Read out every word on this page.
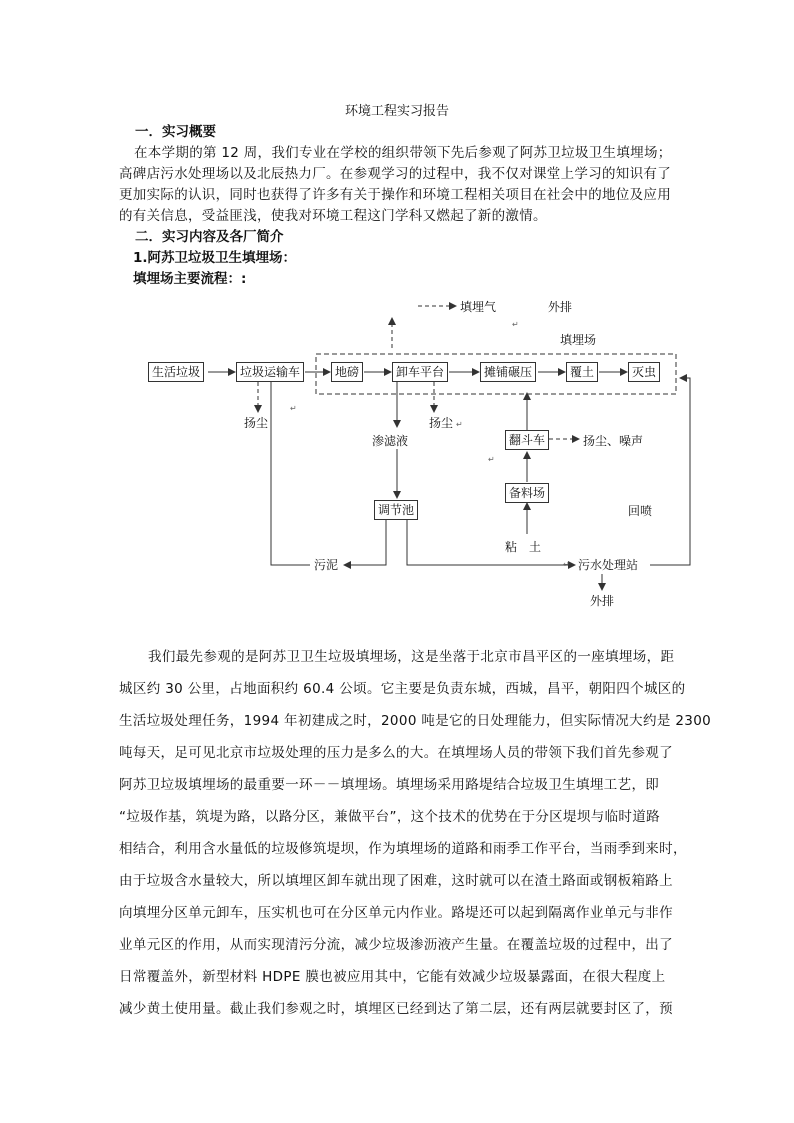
环境工程实习报告
一．实习概要
在本学期的第 12 周，我们专业在学校的组织带领下先后参观了阿苏卫垃圾卫生填埋场；
高碑店污水处理场以及北辰热力厂。在参观学习的过程中，我不仅对课堂上学习的知识有了
更加实际的认识，同时也获得了许多有关于操作和环境工程相关项目在社会中的地位及应用
的有关信息，受益匪浅，使我对环境工程这门学科又燃起了新的激情。
二．实习内容及各厂简介
1.阿苏卫垃圾卫生填埋场：
填埋场主要流程：:
生活垃圾	垃圾运输车	地磅	卸车平台	摊铺碾压	覆土	灭虫
翻斗车
备料场
调节池
填埋气
↵
外排
填埋场
扬尘
↵
扬尘 ↵
渗滤液	扬尘、噪声
↵
回喷
粘　土
污泥	↵ 污水处理站
外排
我们最先参观的是阿苏卫卫生垃圾填埋场，这是坐落于北京市昌平区的一座填埋场，距
城区约 30 公里，占地面积约 60.4 公顷。它主要是负责东城，西城，昌平，朝阳四个城区的
生活垃圾处理任务，1994 年初建成之时，2000 吨是它的日处理能力，但实际情况大约是 2300
吨每天，足可见北京市垃圾处理的压力是多么的大。在填埋场人员的带领下我们首先参观了
阿苏卫垃圾填埋场的最重要一环－－填埋场。填埋场采用路堤结合垃圾卫生填埋工艺，即
“垃圾作基，筑堤为路，以路分区，兼做平台”，这个技术的优势在于分区堤坝与临时道路
相结合，利用含水量低的垃圾修筑堤坝，作为填埋场的道路和雨季工作平台，当雨季到来时，
由于垃圾含水量较大，所以填埋区卸车就出现了困难，这时就可以在渣土路面或钢板箱路上
向填埋分区单元卸车，压实机也可在分区单元内作业。路堤还可以起到隔离作业单元与非作
业单元区的作用，从而实现清污分流，减少垃圾渗沥液产生量。在覆盖垃圾的过程中，出了
日常覆盖外，新型材料 HDPE 膜也被应用其中，它能有效减少垃圾暴露面，在很大程度上
减少黄土使用量。截止我们参观之时，填埋区已经到达了第二层，还有两层就要封区了，预
